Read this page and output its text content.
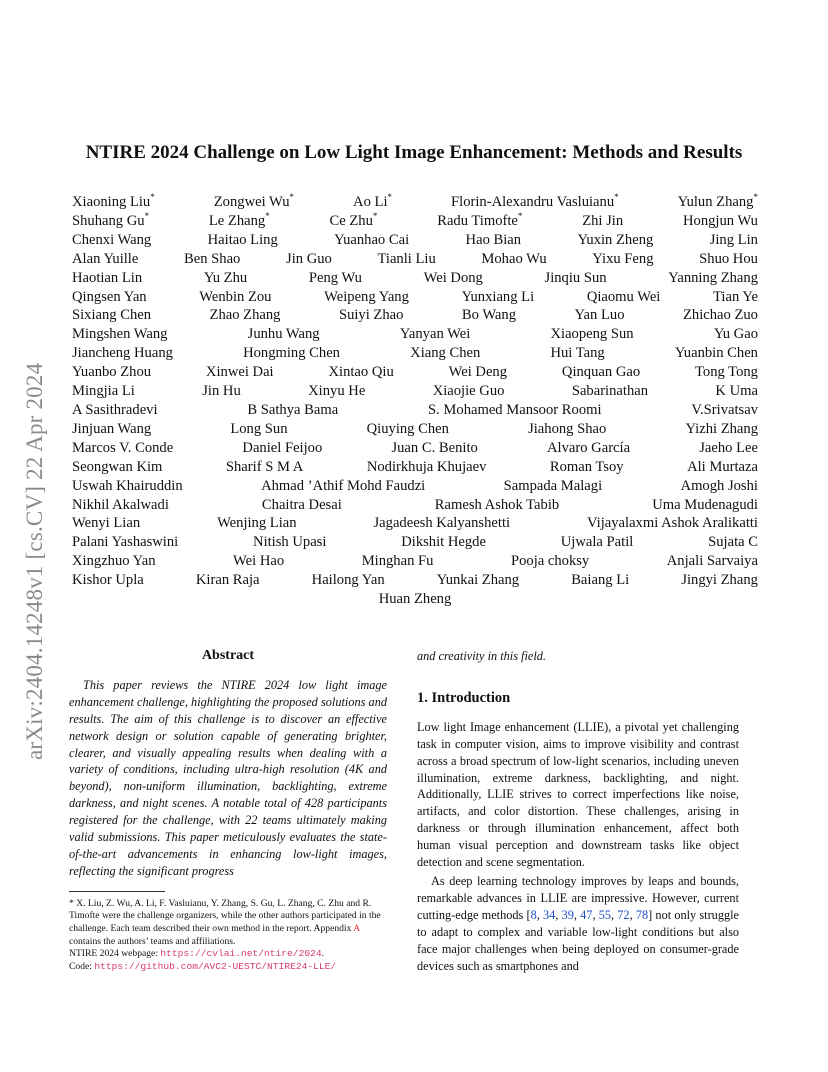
arXiv:2404.14248v1 [cs.CV] 22 Apr 2024
NTIRE 2024 Challenge on Low Light Image Enhancement: Methods and Results
Xiaoning Liu*	Zongwei Wu*	Ao Li*	Florin-Alexandru Vasluianu*	Yulun Zhang*
Shuhang Gu*	Le Zhang*	Ce Zhu*	Radu Timofte*	Zhi Jin	Hongjun Wu
Chenxi Wang	Haitao Ling	Yuanhao Cai	Hao Bian	Yuxin Zheng	Jing Lin
Alan Yuille	Ben Shao	Jin Guo	Tianli Liu	Mohao Wu	Yixu Feng	Shuo Hou
Haotian Lin	Yu Zhu	Peng Wu	Wei Dong	Jinqiu Sun	Yanning Zhang
Qingsen Yan	Wenbin Zou	Weipeng Yang	Yunxiang Li	Qiaomu Wei	Tian Ye
Sixiang Chen	Zhao Zhang	Suiyi Zhao	Bo Wang	Yan Luo	Zhichao Zuo
Mingshen Wang	Junhu Wang	Yanyan Wei	Xiaopeng Sun	Yu Gao
Jiancheng Huang	Hongming Chen	Xiang Chen	Hui Tang	Yuanbin Chen
Yuanbo Zhou	Xinwei Dai	Xintao Qiu	Wei Deng	Qinquan Gao	Tong Tong
Mingjia Li	Jin Hu	Xinyu He	Xiaojie Guo	Sabarinathan	K Uma
A Sasithradevi	B Sathya Bama	S. Mohamed Mansoor Roomi	V.Srivatsav
Jinjuan Wang	Long Sun	Qiuying Chen	Jiahong Shao	Yizhi Zhang
Marcos V. Conde	Daniel Feijoo	Juan C. Benito	Alvaro García	Jaeho Lee
Seongwan Kim	Sharif S M A	Nodirkhuja Khujaev	Roman Tsoy	Ali Murtaza
Uswah Khairuddin	Ahmad ’Athif Mohd Faudzi	Sampada Malagi	Amogh Joshi
Nikhil Akalwadi	Chaitra Desai	Ramesh Ashok Tabib	Uma Mudenagudi
Wenyi Lian	Wenjing Lian	Jagadeesh Kalyanshetti	Vijayalaxmi Ashok Aralikatti
Palani Yashaswini	Nitish Upasi	Dikshit Hegde	Ujwala Patil	Sujata C
Xingzhuo Yan	Wei Hao	Minghan Fu	Pooja choksy	Anjali Sarvaiya
Kishor Upla	Kiran Raja	Hailong Yan	Yunkai Zhang	Baiang Li	Jingyi Zhang
Huan Zheng
Abstract

This paper reviews the NTIRE 2024 low light image enhancement challenge, highlighting the proposed solutions and results. The aim of this challenge is to discover an effective network design or solution capable of generating brighter, clearer, and visually appealing results when dealing with a variety of conditions, including ultra-high resolution (4K and beyond), non-uniform illumination, backlighting, extreme darkness, and night scenes. A notable total of 428 participants registered for the challenge, with 22 teams ultimately making valid submissions. This paper meticulously evaluates the state-of-the-art advancements in enhancing low-light images, reflecting the significant progress

* X. Liu, Z. Wu, A. Li, F. Vasluianu, Y. Zhang, S. Gu, L. Zhang, C. Zhu and R. Timofte were the challenge organizers, while the other authors participated in the challenge. Each team described their own method in the report. Appendix A contains the authors’ teams and affiliations.

NTIRE 2024 webpage: https://cvlai.net/ntire/2024.

Code: https://github.com/AVC2-UESTC/NTIRE24-LLE/

and creativity in this field.

1. Introduction

Low light Image enhancement (LLIE), a pivotal yet challenging task in computer vision, aims to improve visibility and contrast across a broad spectrum of low-light scenarios, including uneven illumination, extreme darkness, backlighting, and night. Additionally, LLIE strives to correct imperfections like noise, artifacts, and color distortion. These challenges, arising in darkness or through illumination enhancement, affect both human visual perception and downstream tasks like object detection and scene segmentation.

As deep learning technology improves by leaps and bounds, remarkable advances in LLIE are impressive. However, current cutting-edge methods [8, 34, 39, 47, 55, 72, 78] not only struggle to adapt to complex and variable low-light conditions but also face major challenges when being deployed on consumer-grade devices such as smartphones and
